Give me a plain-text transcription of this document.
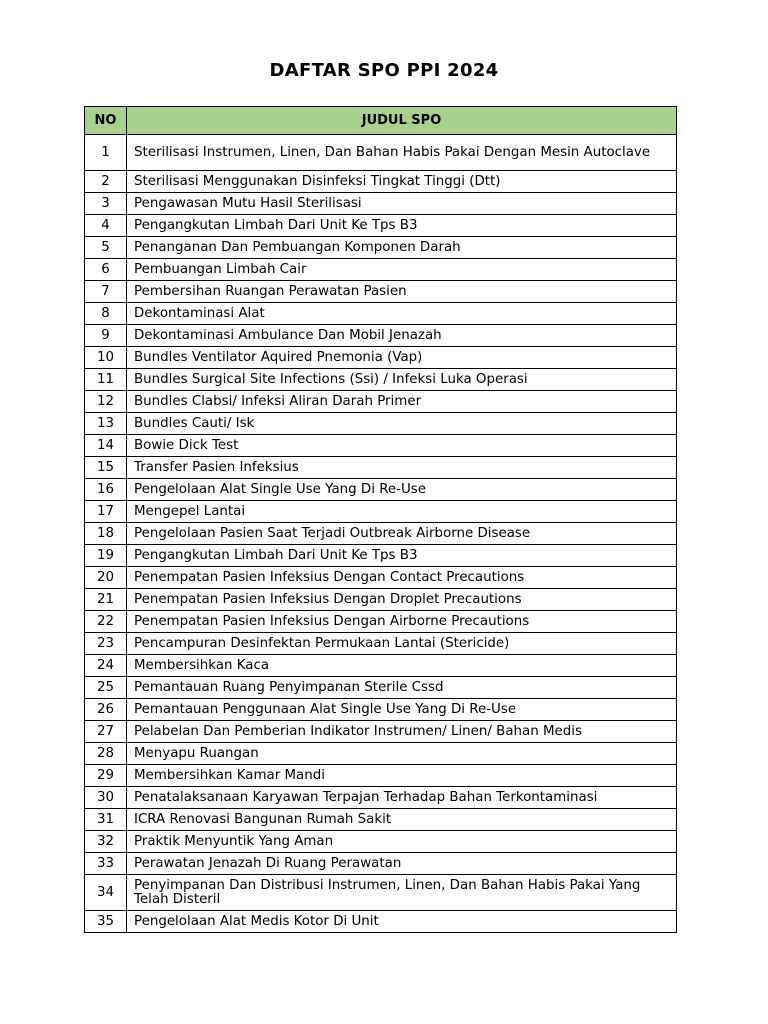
DAFTAR SPO PPI 2024
NO	JUDUL SPO
1	Sterilisasi Instrumen, Linen, Dan Bahan Habis Pakai Dengan Mesin Autoclave
2	Sterilisasi Menggunakan Disinfeksi Tingkat Tinggi (Dtt)
3	Pengawasan Mutu Hasil Sterilisasi
4	Pengangkutan Limbah Dari Unit Ke Tps B3
5	Penanganan Dan Pembuangan Komponen Darah
6	Pembuangan Limbah Cair
7	Pembersihan Ruangan Perawatan Pasien
8	Dekontaminasi Alat
9	Dekontaminasi Ambulance Dan Mobil Jenazah
10	Bundles Ventilator Aquired Pnemonia (Vap)
11	Bundles Surgical Site Infections (Ssi) / Infeksi Luka Operasi
12	Bundles Clabsi/ Infeksi Aliran Darah Primer
13	Bundles Cauti/ Isk
14	Bowie Dick Test
15	Transfer Pasien Infeksius
16	Pengelolaan Alat Single Use Yang Di Re-Use
17	Mengepel Lantai
18	Pengelolaan Pasien Saat Terjadi Outbreak Airborne Disease
19	Pengangkutan Limbah Dari Unit Ke Tps B3
20	Penempatan Pasien Infeksius Dengan Contact Precautions
21	Penempatan Pasien Infeksius Dengan Droplet Precautions
22	Penempatan Pasien Infeksius Dengan Airborne Precautions
23	Pencampuran Desinfektan Permukaan Lantai (Stericide)
24	Membersihkan Kaca
25	Pemantauan Ruang Penyimpanan Sterile Cssd
26	Pemantauan Penggunaan Alat Single Use Yang Di Re-Use
27	Pelabelan Dan Pemberian Indikator Instrumen/ Linen/ Bahan Medis
28	Menyapu Ruangan
29	Membersihkan Kamar Mandi
30	Penatalaksanaan Karyawan Terpajan Terhadap Bahan Terkontaminasi
31	ICRA Renovasi Bangunan Rumah Sakit
32	Praktik Menyuntik Yang Aman
33	Perawatan Jenazah Di Ruang Perawatan
34	Penyimpanan Dan Distribusi Instrumen, Linen, Dan Bahan Habis Pakai Yang Telah Disteril
35	Pengelolaan Alat Medis Kotor Di Unit
